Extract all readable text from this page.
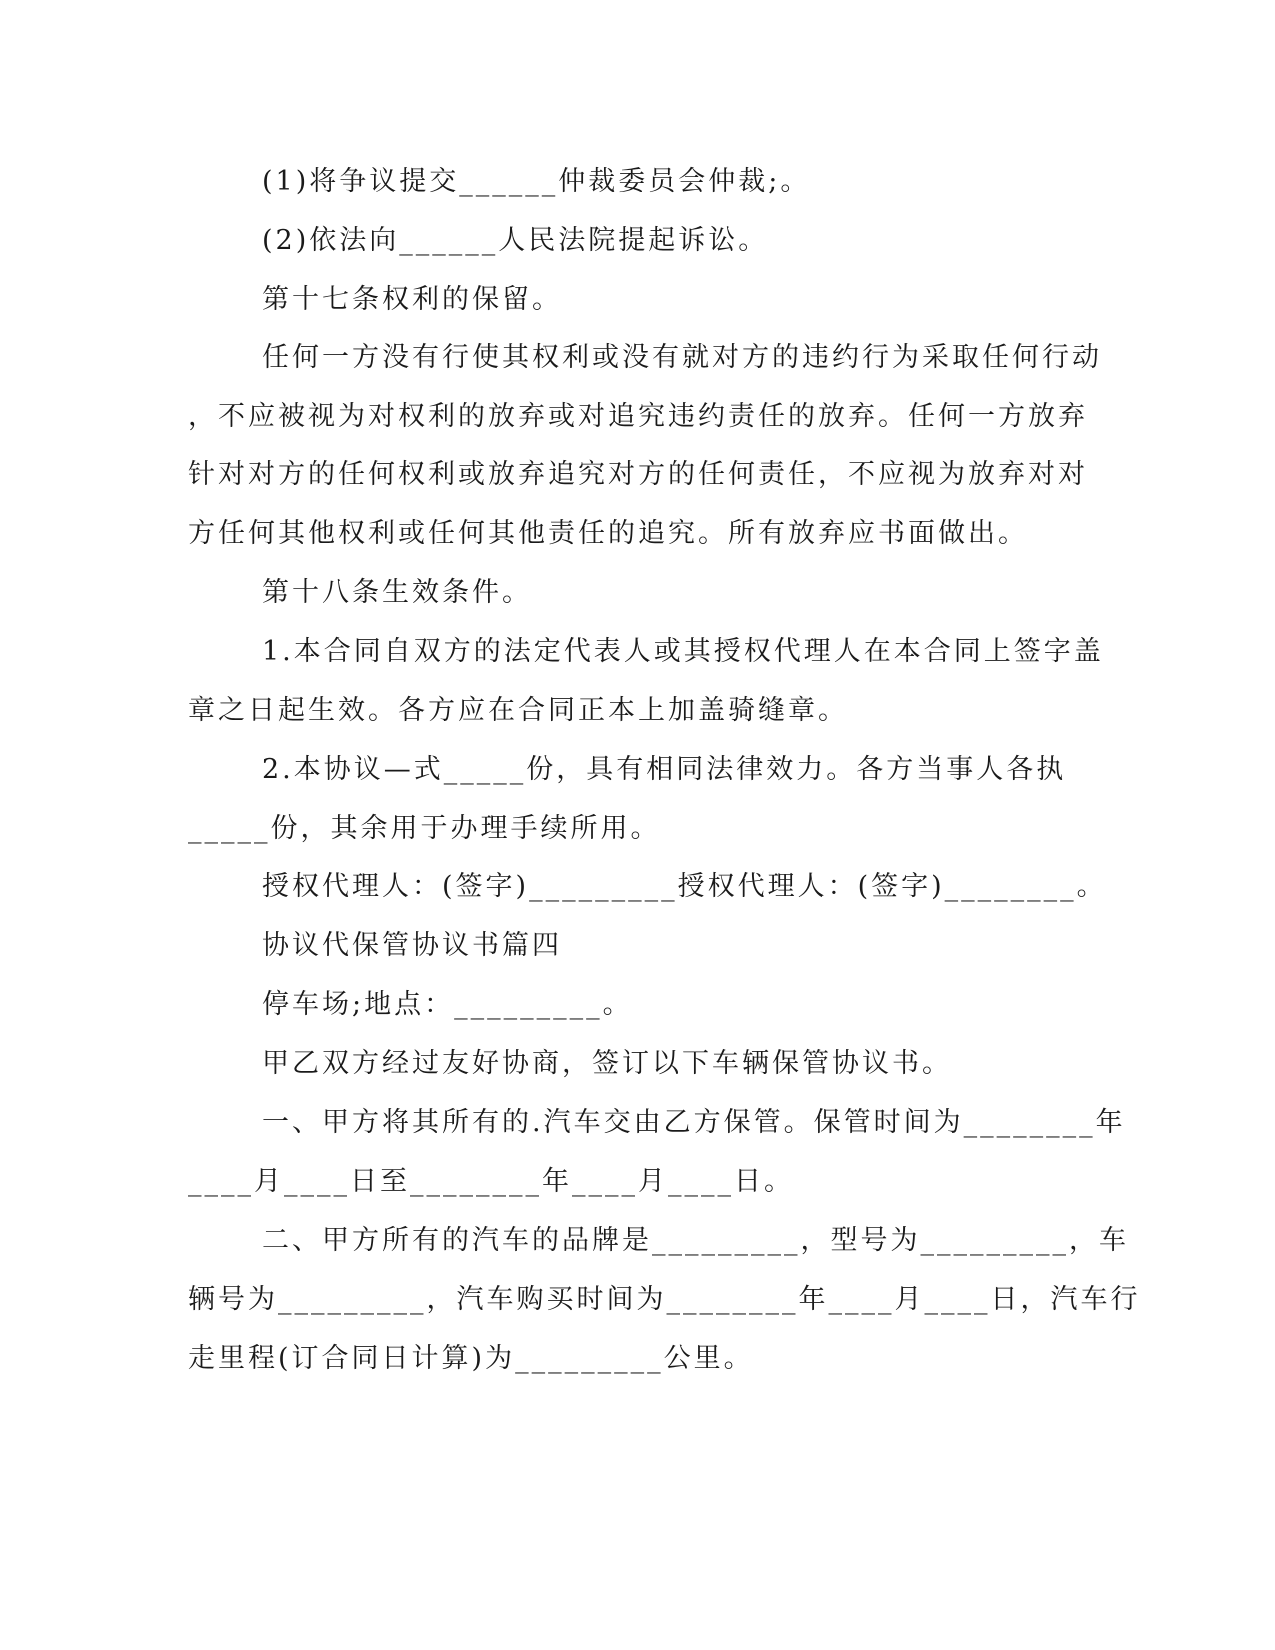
(1)将争议提交______仲裁委员会仲裁;。

(2)依法向______人民法院提起诉讼。

第十七条权利的保留。

任何一方没有行使其权利或没有就对方的违约行为采取任何行动

，不应被视为对权利的放弃或对追究违约责任的放弃。任何一方放弃

针对对方的任何权利或放弃追究对方的任何责任，不应视为放弃对对

方任何其他权利或任何其他责任的追究。所有放弃应书面做出。

第十八条生效条件。

1.本合同自双方的法定代表人或其授权代理人在本合同上签字盖

章之日起生效。各方应在合同正本上加盖骑缝章。

2.本协议—式_____份，具有相同法律效力。各方当事人各执

_____份，其余用于办理手续所用。

授权代理人：(签字)_________授权代理人：(签字)________。

协议代保管协议书篇四

停车场;地点：_________。

甲乙双方经过友好协商，签订以下车辆保管协议书。

一、甲方将其所有的.汽车交由乙方保管。保管时间为________年

____月____日至________年____月____日。

二、甲方所有的汽车的品牌是_________，型号为_________，车

辆号为_________，汽车购买时间为________年____月____日，汽车行

走里程(订合同日计算)为_________公里。
